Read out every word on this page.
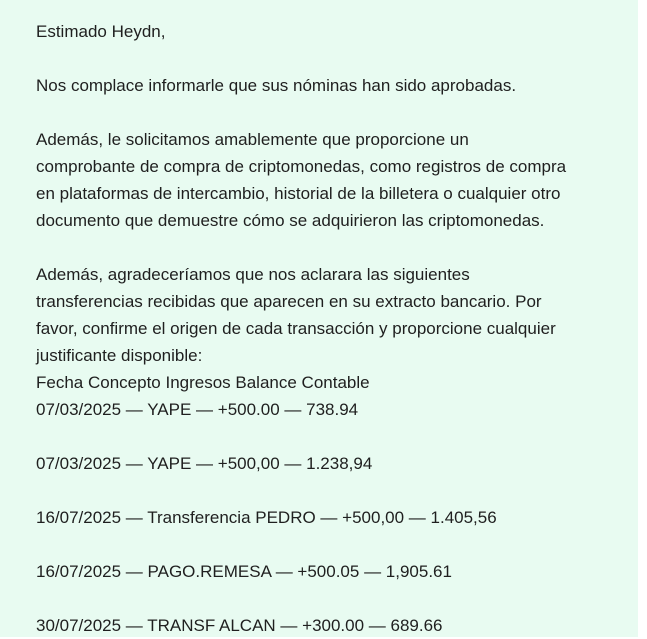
Estimado Heydn,

Nos complace informarle que sus nóminas han sido aprobadas.

Además, le solicitamos amablemente que proporcione un

comprobante de compra de criptomonedas, como registros de compra

en plataformas de intercambio, historial de la billetera o cualquier otro

documento que demuestre cómo se adquirieron las criptomonedas.

Además, agradeceríamos que nos aclarara las siguientes

transferencias recibidas que aparecen en su extracto bancario. Por

favor, confirme el origen de cada transacción y proporcione cualquier

justificante disponible:

Fecha Concepto Ingresos Balance Contable

07/03/2025 — YAPE — +500.00 — 738.94

07/03/2025 — YAPE — +500,00 — 1.238,94

16/07/2025 — Transferencia PEDRO — +500,00 — 1.405,56

16/07/2025 — PAGO.REMESA — +500.05 — 1,905.61

30/07/2025 — TRANSF ALCAN — +300.00 — 689.66
